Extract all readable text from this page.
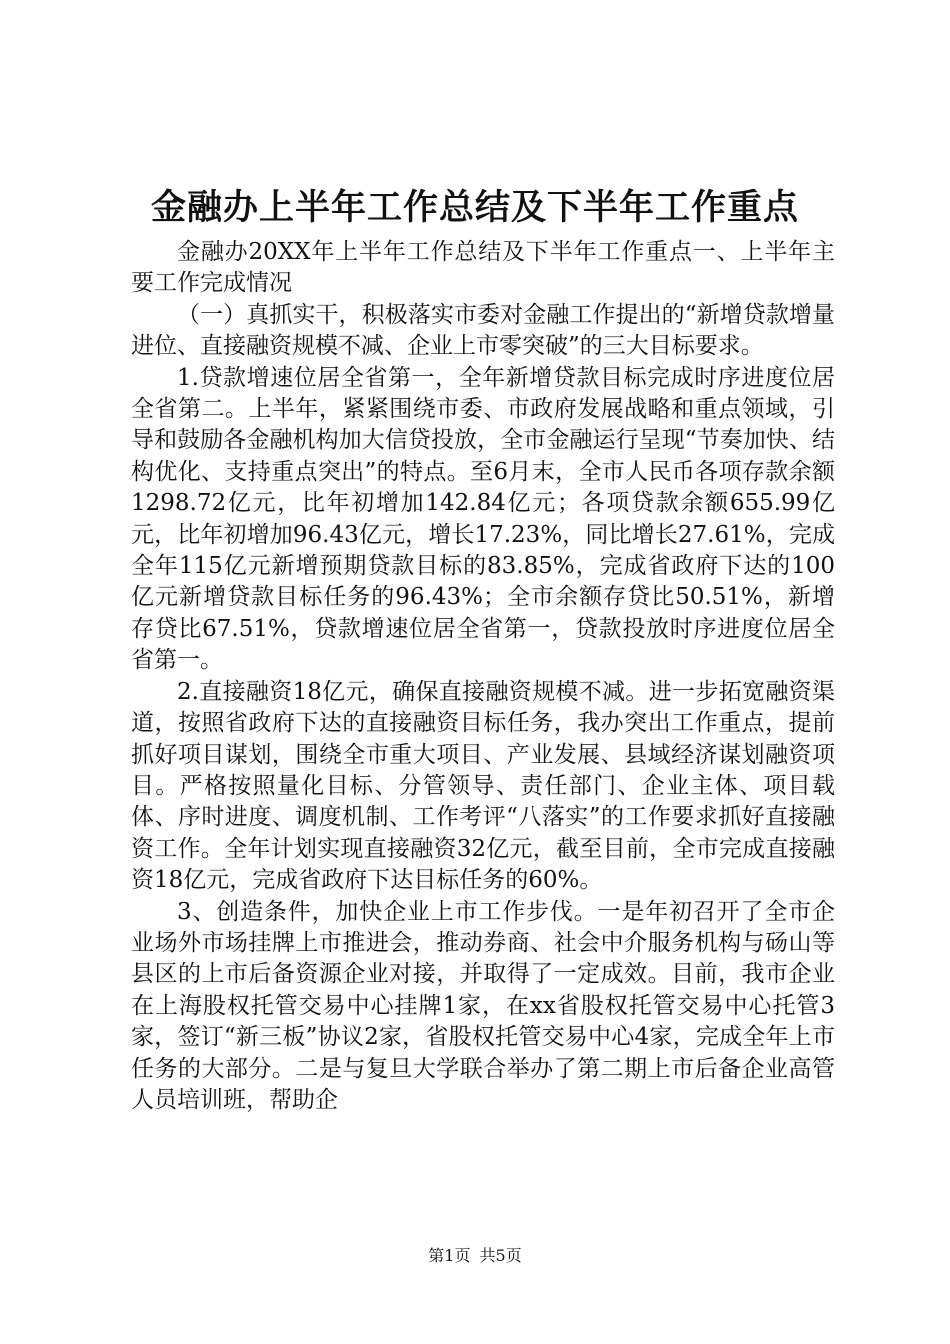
金融办上半年工作总结及下半年工作重点

金融办20XX年上半年工作总结及下半年工作重点一、上半年主要工作完成情况

（一）真抓实干，积极落实市委对金融工作提出的“新增贷款增量进位、直接融资规模不减、企业上市零突破”的三大目标要求。

1.贷款增速位居全省第一，全年新增贷款目标完成时序进度位居全省第二。上半年，紧紧围绕市委、市政府发展战略和重点领域，引导和鼓励各金融机构加大信贷投放，全市金融运行呈现“节奏加快、结构优化、支持重点突出”的特点。至6月末，全市人民币各项存款余额1298.72亿元，比年初增加142.84亿元；各项贷款余额655.99亿元，比年初增加96.43亿元，增长17.23%，同比增长27.61%，完成全年115亿元新增预期贷款目标的83.85%，完成省政府下达的100亿元新增贷款目标任务的96.43%；全市余额存贷比50.51%，新增存贷比67.51%，贷款增速位居全省第一，贷款投放时序进度位居全省第一。

2.直接融资18亿元，确保直接融资规模不减。进一步拓宽融资渠道，按照省政府下达的直接融资目标任务，我办突出工作重点，提前抓好项目谋划，围绕全市重大项目、产业发展、县域经济谋划融资项目。严格按照量化目标、分管领导、责任部门、企业主体、项目载体、序时进度、调度机制、工作考评“八落实”的工作要求抓好直接融资工作。全年计划实现直接融资32亿元，截至目前，全市完成直接融资18亿元，完成省政府下达目标任务的60%。

3、创造条件，加快企业上市工作步伐。一是年初召开了全市企业场外市场挂牌上市推进会，推动券商、社会中介服务机构与砀山等县区的上市后备资源企业对接，并取得了一定成效。目前，我市企业在上海股权托管交易中心挂牌1家，在xx省股权托管交易中心托管3家，签订“新三板”协议2家，省股权托管交易中心4家，完成全年上市任务的大部分。二是与复旦大学联合举办了第二期上市后备企业高管人员培训班，帮助企

第1页 共5页
